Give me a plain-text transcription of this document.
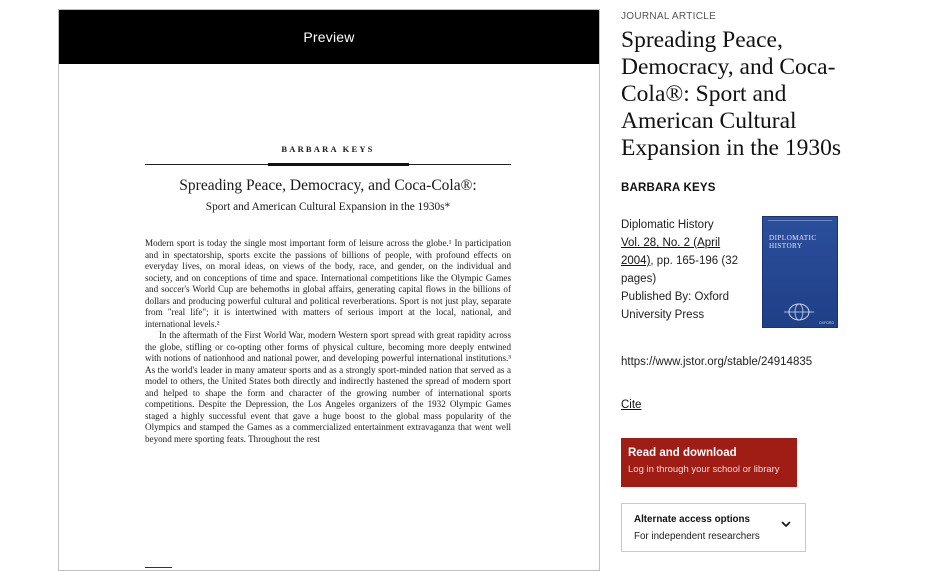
Preview
BARBARA KEYS
Spreading Peace, Democracy, and Coca-Cola®:
Sport and American Cultural Expansion in the 1930s*

Modern sport is today the single most important form of leisure across the globe.¹ In participation and in spectatorship, sports excite the passions of billions of people, with profound effects on everyday lives, on moral ideas, on views of the body, race, and gender, on the individual and society, and on conceptions of time and space. International competitions like the Olympic Games and soccer's World Cup are behemoths in global affairs, generating capital flows in the billions of dollars and producing powerful cultural and political reverberations. Sport is not just play, separate from "real life"; it is intertwined with matters of serious import at the local, national, and international levels.²

In the aftermath of the First World War, modern Western sport spread with great rapidity across the globe, stifling or co-opting other forms of physical culture, becoming more deeply entwined with notions of nationhood and national power, and developing powerful international institutions.³ As the world's leader in many amateur sports and as a strongly sport-minded nation that served as a model to others, the United States both directly and indirectly hastened the spread of modern sport and helped to shape the form and character of the growing number of international sports competitions. Despite the Depression, the Los Angeles organizers of the 1932 Olympic Games staged a highly successful event that gave a huge boost to the global mass popularity of the Olympics and stamped the Games as a commercialized entertainment extravaganza that went well beyond mere sporting feats. Throughout the rest

JOURNAL ARTICLE
Spreading Peace, Democracy, and Coca-Cola®: Sport and American Cultural Expansion in the 1930s
BARBARA KEYS
Diplomatic History
Vol. 28, No. 2 (April 2004), pp. 165-196 (32 pages)
Published By: Oxford University Press
DIPLOMATIC HISTORY
OXFORD
https://www.jstor.org/stable/24914835
Cite
Read and download
Log in through your school or library
Alternate access options
For independent researchers
